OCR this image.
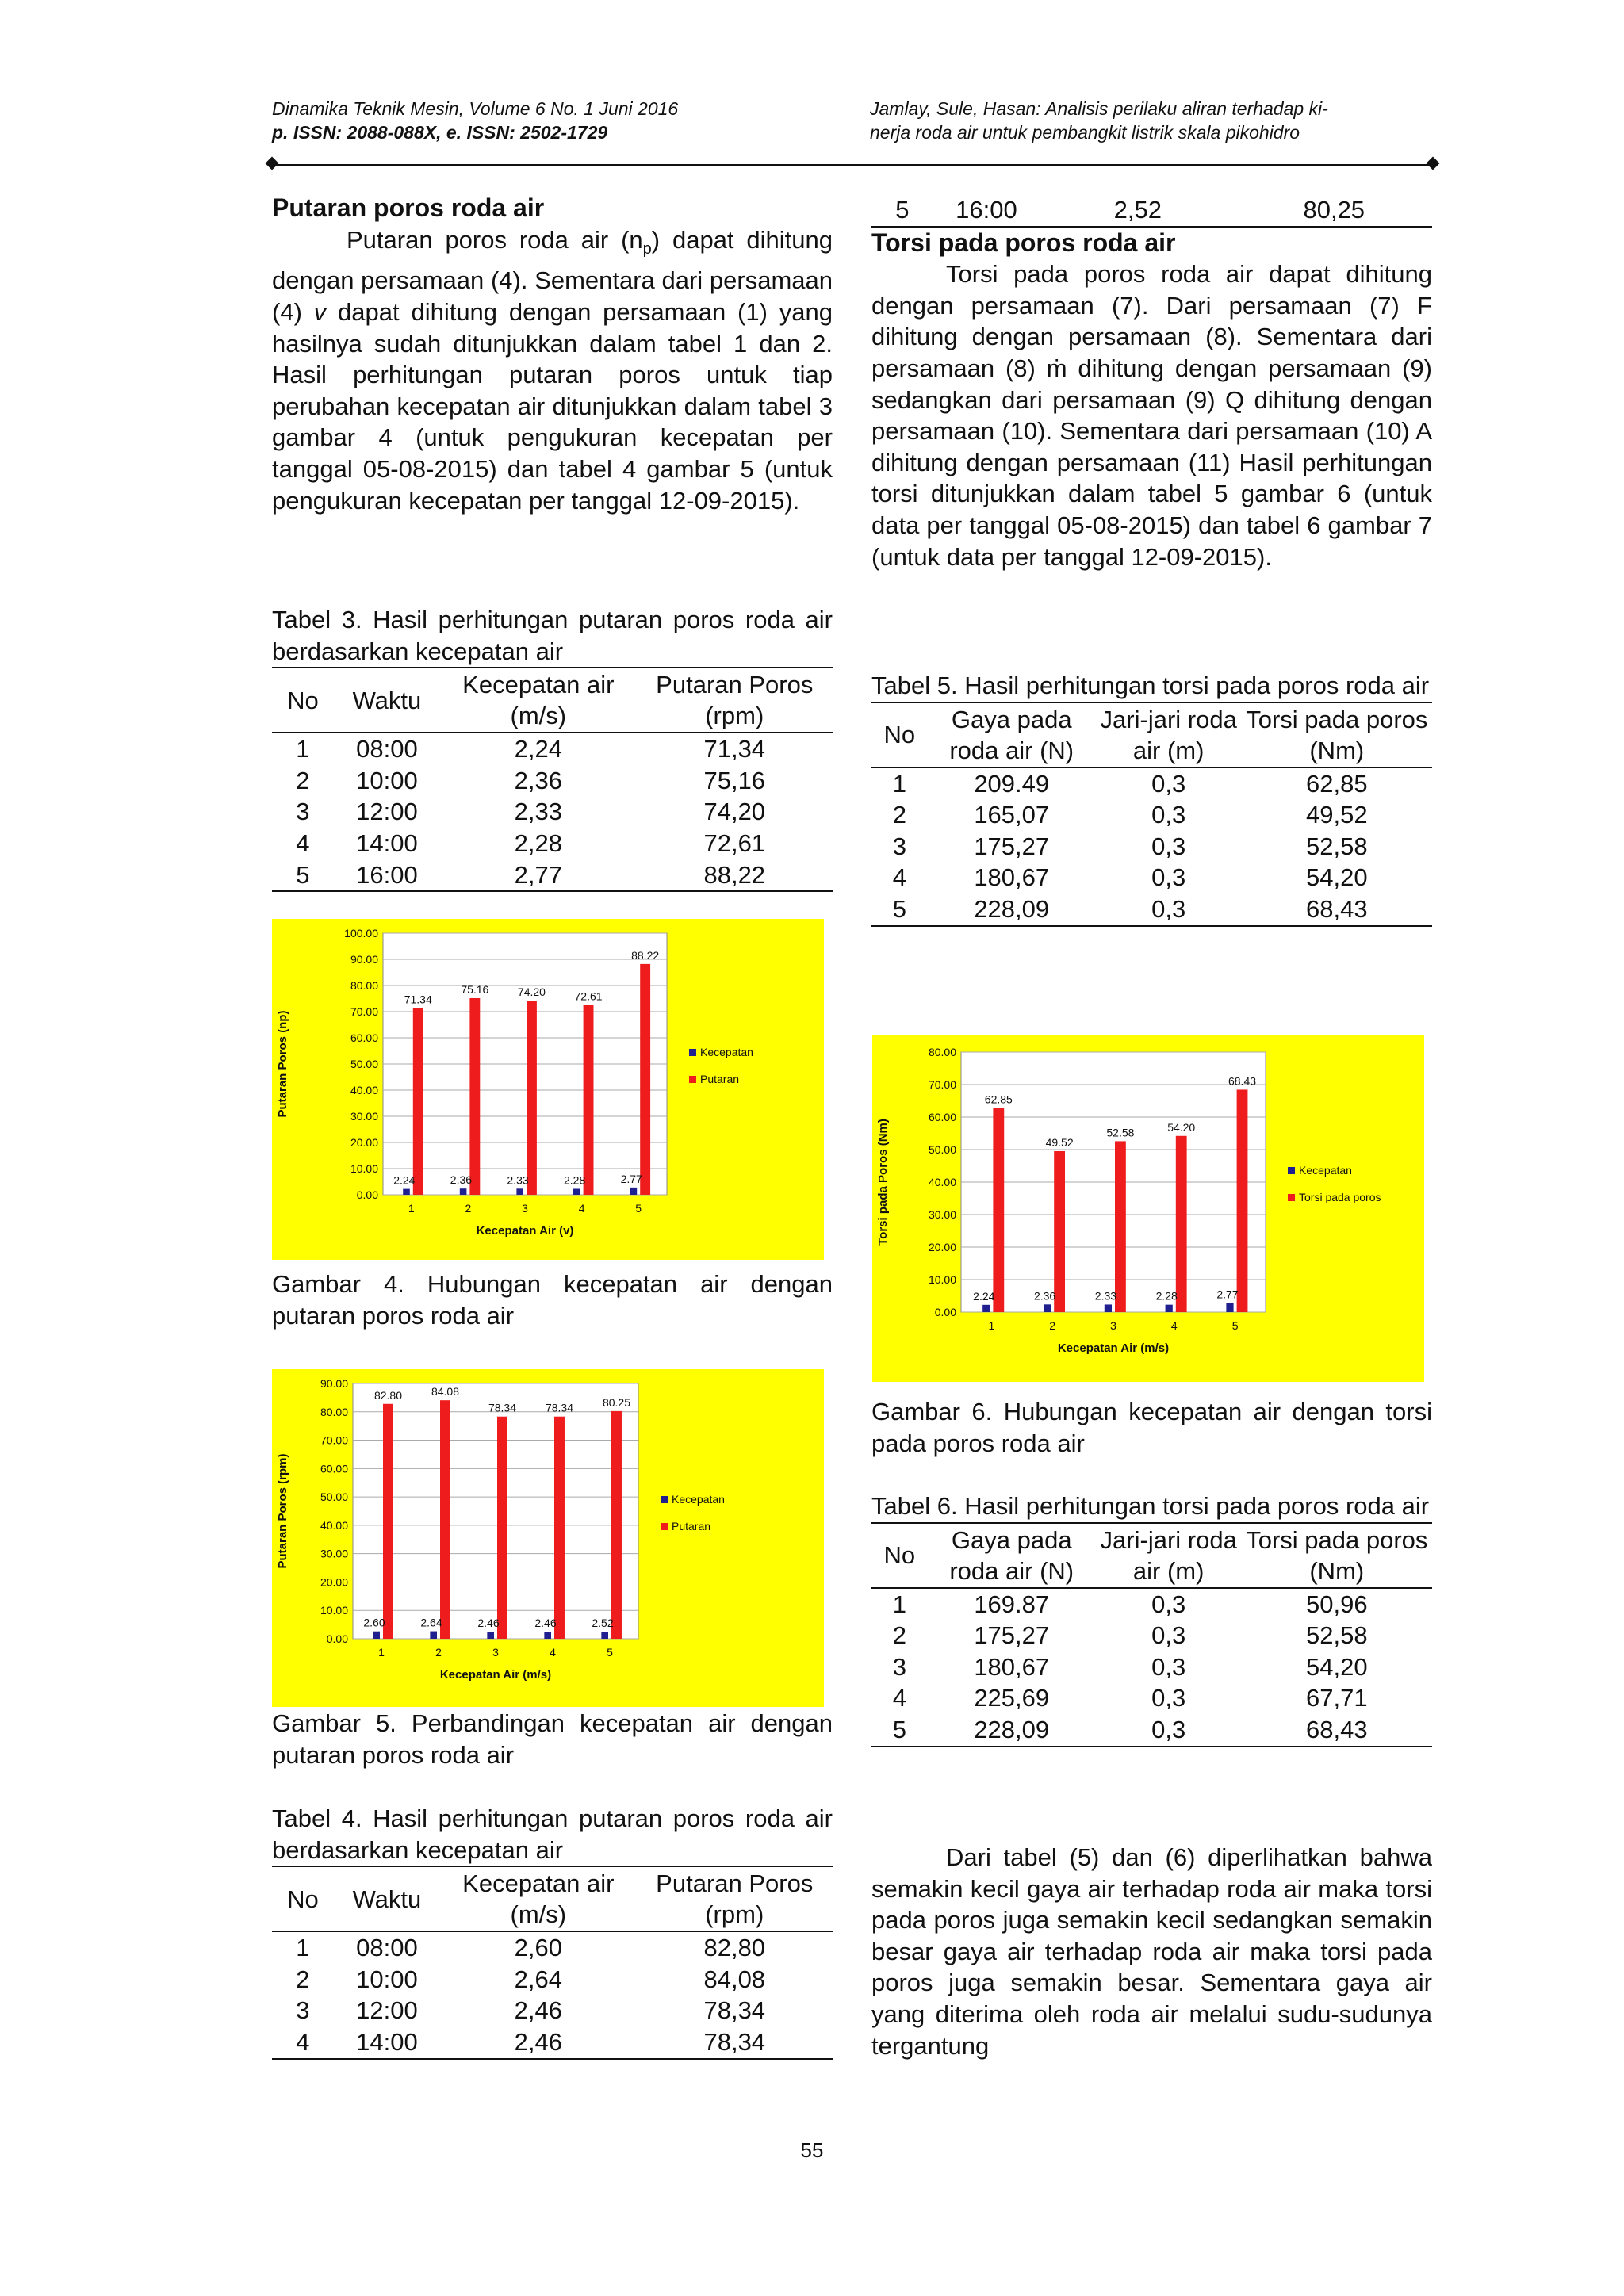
Dinamika Teknik Mesin, Volume 6 No. 1 Juni 2016
p. ISSN: 2088-088X, e. ISSN: 2502-1729
Jamlay, Sule, Hasan: Analisis perilaku aliran terhadap ki-
nerja roda air untuk pembangkit listrik skala pikohidro
Putaran poros roda air

Putaran poros roda air $(n_p)$ dapat dihitung dengan persamaan (4). Sementara dari persamaan (4) v dapat dihitung dengan persamaan (1) yang hasilnya sudah ditunjukkan dalam tabel 1 dan 2. Hasil perhitungan putaran poros untuk tiap perubahan kecepatan air ditunjukkan dalam tabel 3 gambar 4 (untuk pengukuran kecepatan per tanggal 05-08-2015) dan tabel 4 gambar 5 (untuk pengukuran kecepatan per tanggal 12-09-2015).

Tabel 3. Hasil perhitungan putaran poros roda air berdasarkan kecepatan air

No	Waktu	Kecepatan air (m/s)	Putaran Poros (rpm)
1	08:00	2,24	71,34
2	10:00	2,36	75,16
3	12:00	2,33	74,20
4	14:00	2,28	72,61
5	16:00	2,77	88,22
0.00
10.00
20.00
30.00
40.00
50.00
60.00
70.00
80.00
90.00
100.00
2.24
71.34
1
2.36
75.16
2
2.33
74.20
3
2.28
72.61
4
2.77
88.22
5
Kecepatan Air (v)
Putaran Poros (np)	Kecepatan
Putaran

Gambar 4. Hubungan kecepatan air dengan putaran poros roda air

0.00
10.00
20.00
30.00
40.00
50.00
60.00
70.00
80.00
90.00
2.60
82.80
1
2.64
84.08
2
2.46
78.34
3
2.46
78.34
4
2.52
80.25
5
Kecepatan Air (m/s)
Putaran Poros (rpm)	Kecepatan
Putaran

Gambar 5. Perbandingan kecepatan air dengan putaran poros roda air

Tabel 4. Hasil perhitungan putaran poros roda air berdasarkan kecepatan air

No	Waktu	Kecepatan air (m/s)	Putaran Poros (rpm)
1	08:00	2,60	82,80
2	10:00	2,64	84,08
3	12:00	2,46	78,34
4	14:00	2,46	78,34
5	16:00	2,52	80,25
Torsi pada poros roda air

Torsi pada poros roda air dapat dihitung dengan persamaan (7). Dari persamaan (7) F dihitung dengan persamaan (8). Sementara dari persamaan (8) ṁ dihitung dengan persamaan (9) sedangkan dari persamaan (9) Q dihitung dengan persamaan (10). Sementara dari persamaan (10) A dihitung dengan persamaan (11) Hasil perhitungan torsi ditunjukkan dalam tabel 5 gambar 6 (untuk data per tanggal 05-08-2015) dan tabel 6 gambar 7 (untuk data per tanggal 12-09-2015).

Tabel 5. Hasil perhitungan torsi pada poros roda air

No	Gaya pada roda air (N)	Jari-jari roda air (m)	Torsi pada poros (Nm)
1	209.49	0,3	62,85
2	165,07	0,3	49,52
3	175,27	0,3	52,58
4	180,67	0,3	54,20
5	228,09	0,3	68,43
0.00
10.00
20.00
30.00
40.00
50.00
60.00
70.00
80.00
2.24
62.85
1
2.36
49.52
2
2.33
52.58
3
2.28
54.20
4
2.77
68.43
5
Kecepatan Air (m/s)
Torsi pada Poros (Nm)	Kecepatan
Torsi pada poros

Gambar 6. Hubungan kecepatan air dengan torsi pada poros roda air

Tabel 6. Hasil perhitungan torsi pada poros roda air

No	Gaya pada roda air (N)	Jari-jari roda air (m)	Torsi pada poros (Nm)
1	169.87	0,3	50,96
2	175,27	0,3	52,58
3	180,67	0,3	54,20
4	225,69	0,3	67,71
5	228,09	0,3	68,43

Dari tabel (5) dan (6) diperlihatkan bahwa semakin kecil gaya air terhadap roda air maka torsi pada poros juga semakin kecil sedangkan semakin besar gaya air terhadap roda air maka torsi pada poros juga semakin besar. Sementara gaya air yang diterima oleh roda air melalui sudu-sudunya tergantung

55
